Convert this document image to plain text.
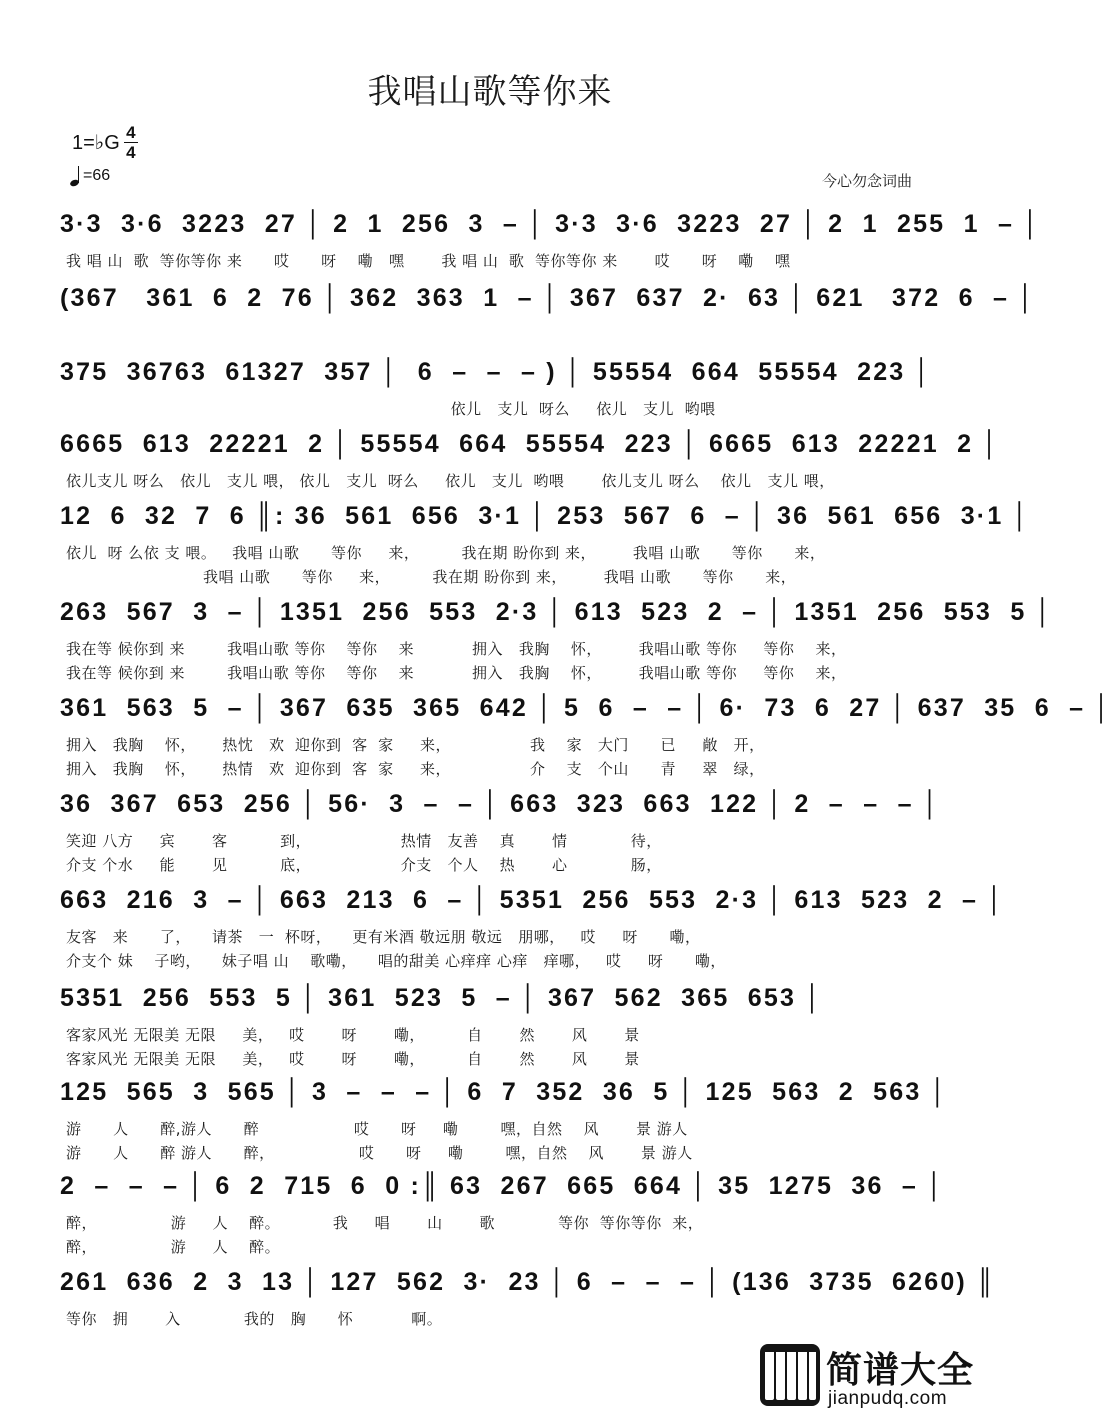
我唱山歌等你来
1=♭G 4
4
=66	今心勿念词曲
3·3  3·6  3223  27 │ 2  1  256  3  – │ 3·3  3·6  3223  27 │ 2  1  255  1  – │
我 唱 山  歌  等你等你 来      哎      呀    嘞   嘿       我 唱 山  歌  等你等你 来       哎      呀    嘞    嘿
(367   361  6  2  76 │ 362  363  1  – │ 367  637  2·  63 │ 621   372  6  – │
375  36763  61327  357 │  6  –  –  – ) │ 55554  664  55554  223 │
依儿   支儿  呀么     依儿   支儿  哟喂
6665  613  22221  2 │ 55554  664  55554  223 │ 6665  613  22221  2 │
依儿支儿 呀么   依儿   支儿 喂， 依儿   支儿  呀么     依儿   支儿  哟喂       依儿支儿 呀么    依儿   支儿 喂，
12  6  32  7  6 ║: 36  561  656  3·1 │ 253  567  6  – │ 36  561  656  3·1 │
依儿  呀 么依 支 喂。   我唱 山歌      等你     来，        我在期 盼你到 来，       我唱 山歌      等你      来，
我唱 山歌      等你     来，        我在期 盼你到 来，       我唱 山歌      等你      来，
263  567  3  – │ 1351  256  553  2·3 │ 613  523  2  – │ 1351  256  553  5 │
我在等 候你到 来        我唱山歌 等你    等你    来           拥入   我胸    怀，       我唱山歌 等你     等你    来，
我在等 候你到 来        我唱山歌 等你    等你    来           拥入   我胸    怀，       我唱山歌 等你     等你    来，
361  563  5  – │ 367  635  365  642 │ 5  6  –  – │ 6·  73  6  27 │ 637  35  6  – │
拥入   我胸    怀，     热忱   欢  迎你到  客  家     来，               我    家   大门      已     敞   开，
拥入   我胸    怀，     热情   欢  迎你到  客  家     来，               介    支   个山      青     翠   绿，
36  367  653  256 │ 56·  3  –  – │ 663  323  663  122 │ 2  –  –  – │
笑迎 八方     宾       客          到，                 热情   友善    真       情            待，
介支 个水     能       见          底，                 介支   个人    热       心            肠，
663  216  3  – │ 663  213  6  – │ 5351  256  553  2·3 │ 613  523  2  – │
友客   来      了，    请茶   一  杯呀，    更有米酒 敬远朋 敬远   朋哪，   哎     呀      嘞，
介支个 妹    子哟，    妹子唱 山    歌嘞，    唱的甜美 心痒痒 心痒   痒哪，   哎     呀      嘞，
5351  256  553  5 │ 361  523  5  – │ 367  562  365  653 │
客家风光 无限美 无限     美，   哎       呀       嘞，        自       然       风       景
客家风光 无限美 无限     美，   哎       呀       嘞，        自       然       风       景
125  565  3  565 │ 3  –  –  – │ 6  7  352  36  5 │ 125  563  2  563 │
游      人      醉,游人      醉                  哎      呀     嘞        嘿，自然    风       景 游人
游      人      醉 游人      醉，                哎      呀     嘞        嘿，自然    风       景 游人
2  –  –  – │ 6  2  715  6  0 :║ 63  267  665  664 │ 35  1275  36  – │
醉，              游     人    醉。          我     唱       山       歌            等你  等你等你  来，
醉，              游     人    醉。
261  636  2  3  13 │ 127  562  3·  23 │ 6  –  –  – │ (136  3735  6260) ║
等你   拥       入            我的   胸      怀           啊。
简谱大全
jianpudq.com
